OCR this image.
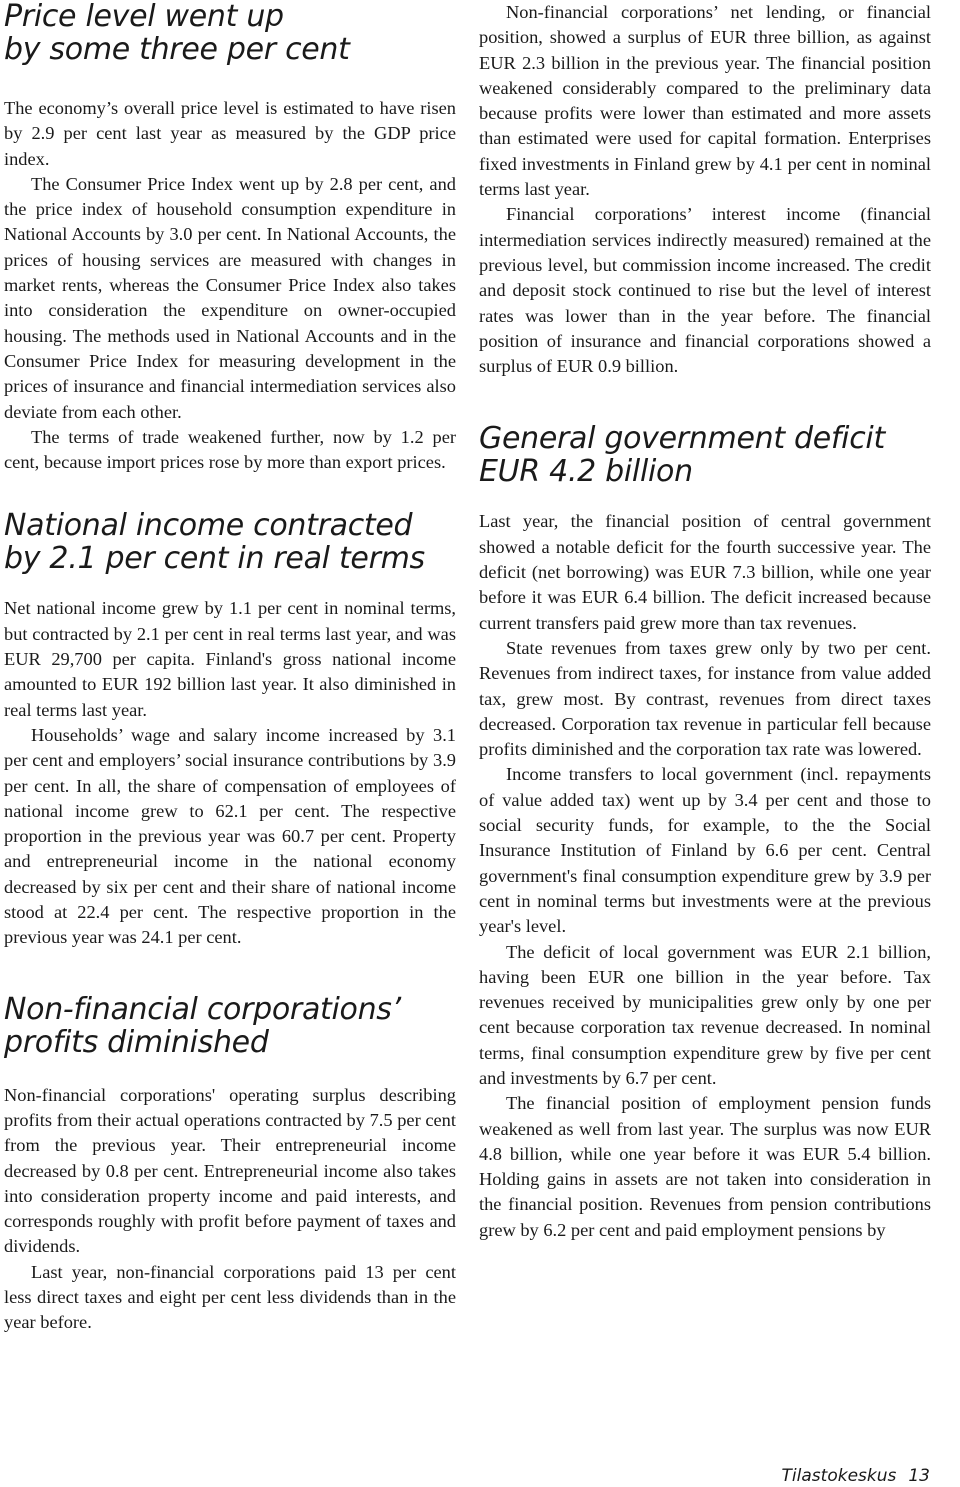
Price level went up
by some three per cent

The economy’s overall price level is estimated to have risen by 2.9 per cent last year as measured by the GDP price index.

The Consumer Price Index went up by 2.8 per cent, and the price index of household consumption expenditure in National Accounts by 3.0 per cent. In National Accounts, the prices of housing services are measured with changes in market rents, whereas the Consumer Price Index also takes into consideration the expenditure on owner-occupied housing. The methods used in National Accounts and in the Consumer Price Index for measuring development in the prices of insurance and financial intermediation services also deviate from each other.

The terms of trade weakened further, now by 1.2 per cent, because import prices rose by more than export prices.

National income contracted
by 2.1 per cent in real terms

Net national income grew by 1.1 per cent in nominal terms, but contracted by 2.1 per cent in real terms last year, and was EUR 29,700 per capita. Finland's gross national income amounted to EUR 192 billion last year. It also diminished in real terms last year.

Households’ wage and salary income increased by 3.1 per cent and employers’ social insurance contributions by 3.9 per cent. In all, the share of compensation of employees of national income grew to 62.1 per cent. The respective proportion in the previous year was 60.7 per cent. Property and entrepreneurial income in the national economy decreased by six per cent and their share of national income stood at 22.4 per cent. The respective proportion in the previous year was 24.1 per cent.

Non-financial corporations’
profits diminished

Non-financial corporations' operating surplus describing profits from their actual operations contracted by 7.5 per cent from the previous year. Their entrepreneurial income decreased by 0.8 per cent. Entrepreneurial income also takes into consideration property income and paid interests, and corresponds roughly with profit before payment of taxes and dividends.

Last year, non-financial corporations paid 13 per cent less direct taxes and eight per cent less dividends than in the year before.

Non-financial corporations’ net lending, or financial position, showed a surplus of EUR three billion, as against EUR 2.3 billion in the previous year. The financial position weakened considerably compared to the preliminary data because profits were lower than estimated and more assets than estimated were used for capital formation. Enterprises fixed investments in Finland grew by 4.1 per cent in nominal terms last year.

Financial corporations’ interest income (financial intermediation services indirectly measured) remained at the previous level, but commission income increased. The credit and deposit stock continued to rise but the level of interest rates was lower than in the year before. The financial position of insurance and financial corporations showed a surplus of EUR 0.9 billion.

General government deficit
EUR 4.2 billion

Last year, the financial position of central government showed a notable deficit for the fourth successive year. The deficit (net borrowing) was EUR 7.3 billion, while one year before it was EUR 6.4 billion. The deficit increased because current transfers paid grew more than tax revenues.

State revenues from taxes grew only by two per cent. Revenues from indirect taxes, for instance from value added tax, grew most. By contrast, revenues from direct taxes decreased. Corporation tax revenue in particular fell because profits diminished and the corporation tax rate was lowered.

Income transfers to local government (incl. repayments of value added tax) went up by 3.4 per cent and those to social security funds, for example, to the the Social Insurance Institution of Finland by 6.6 per cent. Central government's final consumption expenditure grew by 3.9 per cent in nominal terms but investments were at the previous year's level.

The deficit of local government was EUR 2.1 billion, having been EUR one billion in the year before. Tax revenues received by municipalities grew only by one per cent because corporation tax revenue decreased. In nominal terms, final consumption expenditure grew by five per cent and investments by 6.7 per cent.

The financial position of employment pension funds weakened as well from last year. The surplus was now EUR 4.8 billion, while one year before it was EUR 5.4 billion. Holding gains in assets are not taken into consideration in the financial position. Revenues from pension contributions grew by 6.2 per cent and paid employment pensions by

Tilastokeskus 13
